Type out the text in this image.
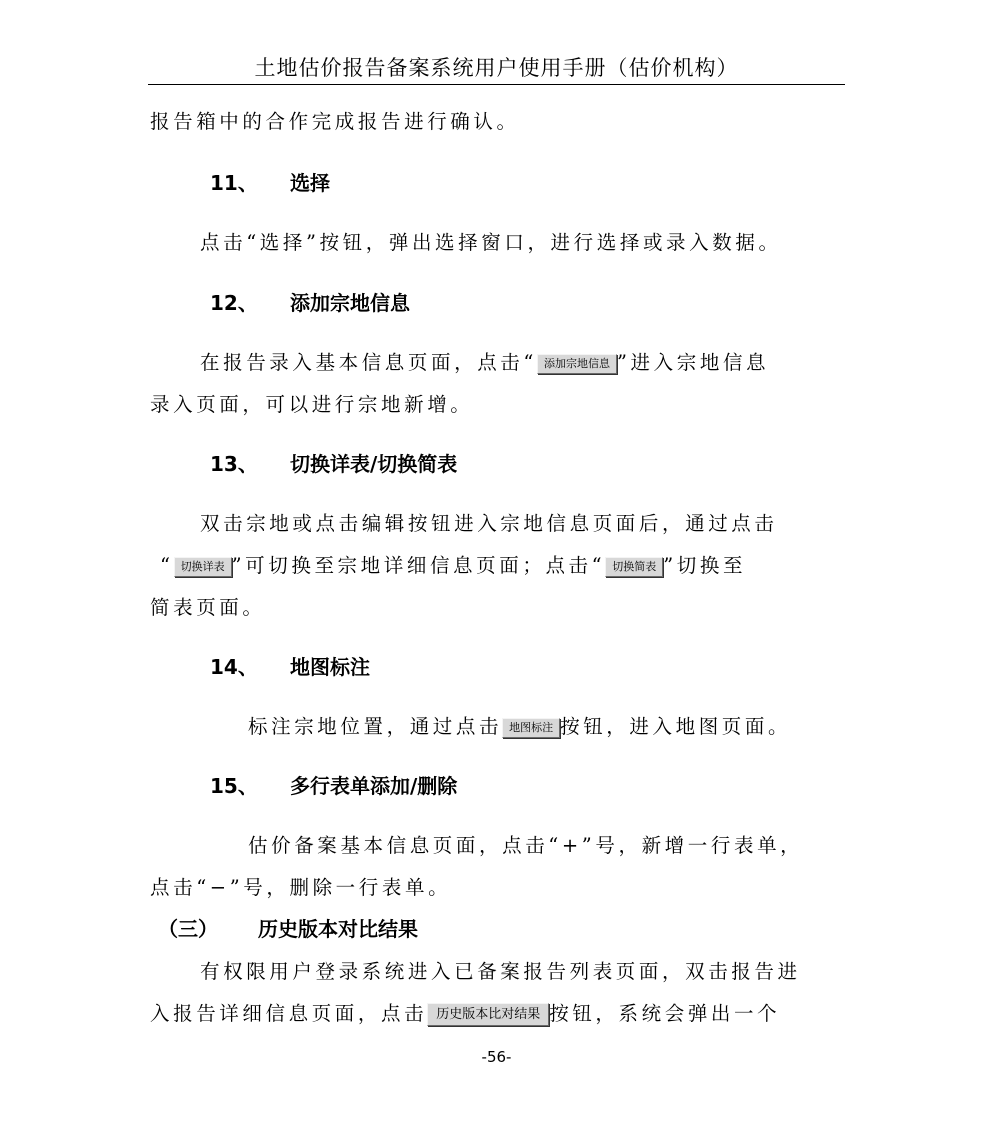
土地估价报告备案系统用户使用手册（估价机构）
报告箱中的合作完成报告进行确认。
11、 选择
点击“选择”按钮，弹出选择窗口，进行选择或录入数据。
12、 添加宗地信息
在报告录入基本信息页面，点击“ 添加宗地信息 ”进入宗地信息
录入页面，可以进行宗地新增。
13、 切换详表/切换简表
双击宗地或点击编辑按钮进入宗地信息页面后，通过点击
“ 切换详表 ”可切换至宗地详细信息页面；点击“ 切换简表 ”切换至
简表页面。
14、 地图标注
标注宗地位置，通过点击 地图标注 按钮，进入地图页面。
15、 多行表单添加/删除
估价备案基本信息页面，点击“+”号，新增一行表单，
点击“−”号，删除一行表单。
（三） 历史版本对比结果
有权限用户登录系统进入已备案报告列表页面，双击报告进
入报告详细信息页面，点击 历史版本比对结果 按钮，系统会弹出一个
-56-
